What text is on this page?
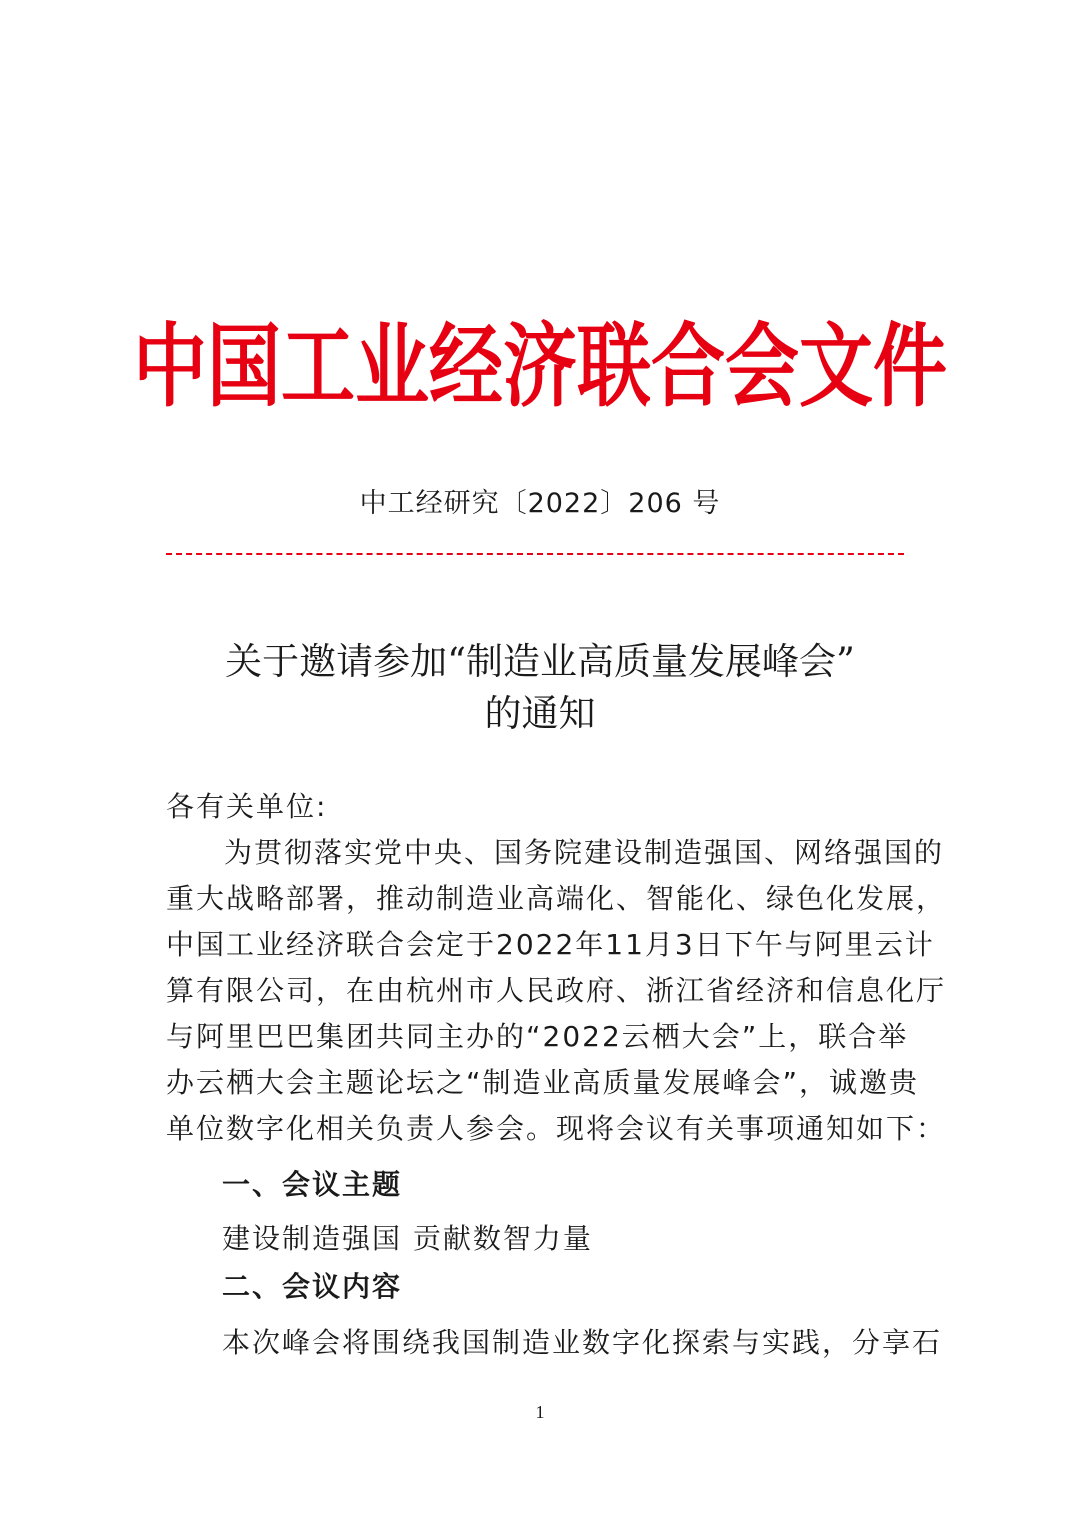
中国工业经济联合会文件
中工经研究〔2022〕206 号
关于邀请参加“制造业高质量发展峰会”
的通知
各有关单位:
为贯彻落实党中央、国务院建设制造强国、网络强国的
重大战略部署，推动制造业高端化、智能化、绿色化发展，
中国工业经济联合会定于2022年11月3日下午与阿里云计
算有限公司，在由杭州市人民政府、浙江省经济和信息化厅
与阿里巴巴集团共同主办的“2022云栖大会”上，联合举
办云栖大会主题论坛之“制造业高质量发展峰会”，诚邀贵
单位数字化相关负责人参会。现将会议有关事项通知如下：
一、会议主题
建设制造强国 贡献数智力量
二、会议内容
本次峰会将围绕我国制造业数字化探索与实践，分享石
1
